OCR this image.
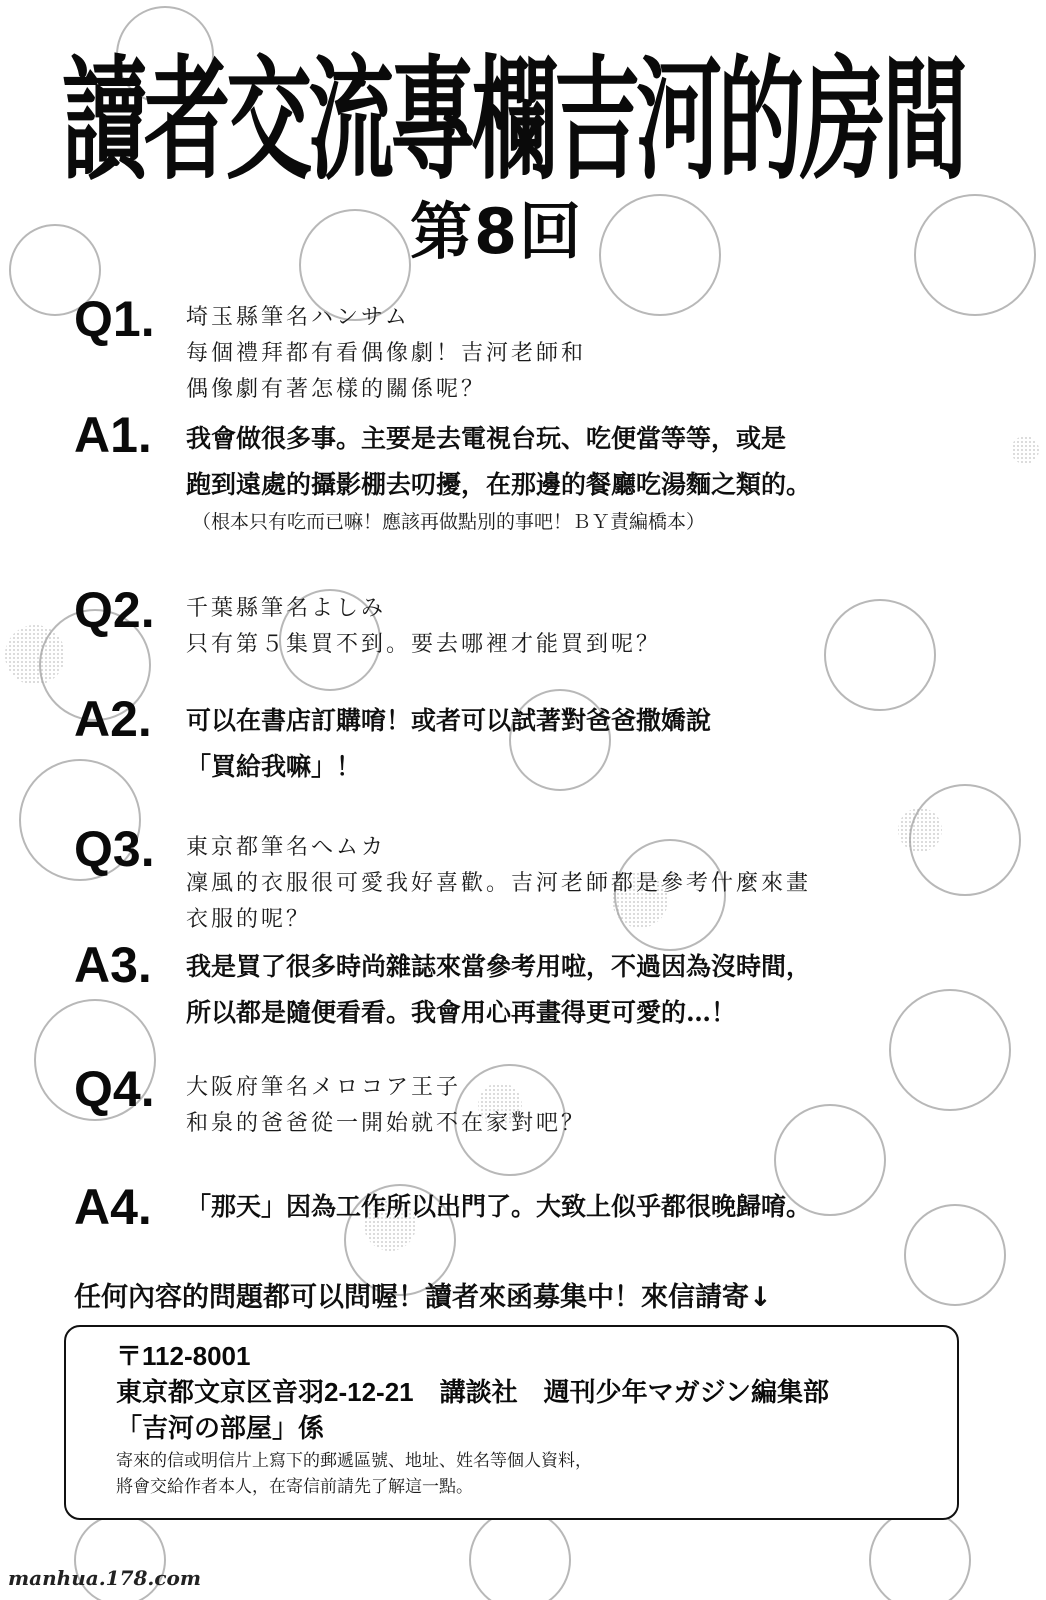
讀者交流專欄吉河的房間
第8回
Q1. 埼玉縣筆名ハンサム
每個禮拜都有看偶像劇！吉河老師和
偶像劇有著怎樣的關係呢？
A1. 我會做很多事。主要是去電視台玩、吃便當等等，或是
跑到遠處的攝影棚去叨擾，在那邊的餐廳吃湯麵之類的。
（根本只有吃而已嘛！應該再做點別的事吧！ＢＹ責編橋本）
Q2. 千葉縣筆名よしみ
只有第５集買不到。要去哪裡才能買到呢？
A2. 可以在書店訂購唷！或者可以試著對爸爸撒嬌說
「買給我嘛」！
Q3. 東京都筆名へムカ
凜風的衣服很可愛我好喜歡。吉河老師都是參考什麼來畫
衣服的呢？
A3. 我是買了很多時尚雜誌來當參考用啦，不過因為沒時間，
所以都是隨便看看。我會用心再畫得更可愛的…！
Q4. 大阪府筆名メロコア王子
和泉的爸爸從一開始就不在家對吧？
A4. 「那天」因為工作所以出門了。大致上似乎都很晚歸唷。
任何內容的問題都可以問喔！讀者來函募集中！來信請寄↓
〒112-8001
東京都文京区音羽2-12-21　講談社　週刊少年マガジン編集部
「吉河の部屋」係
寄來的信或明信片上寫下的郵遞區號、地址、姓名等個人資料，
將會交給作者本人，在寄信前請先了解這一點。
manhua.178.com
